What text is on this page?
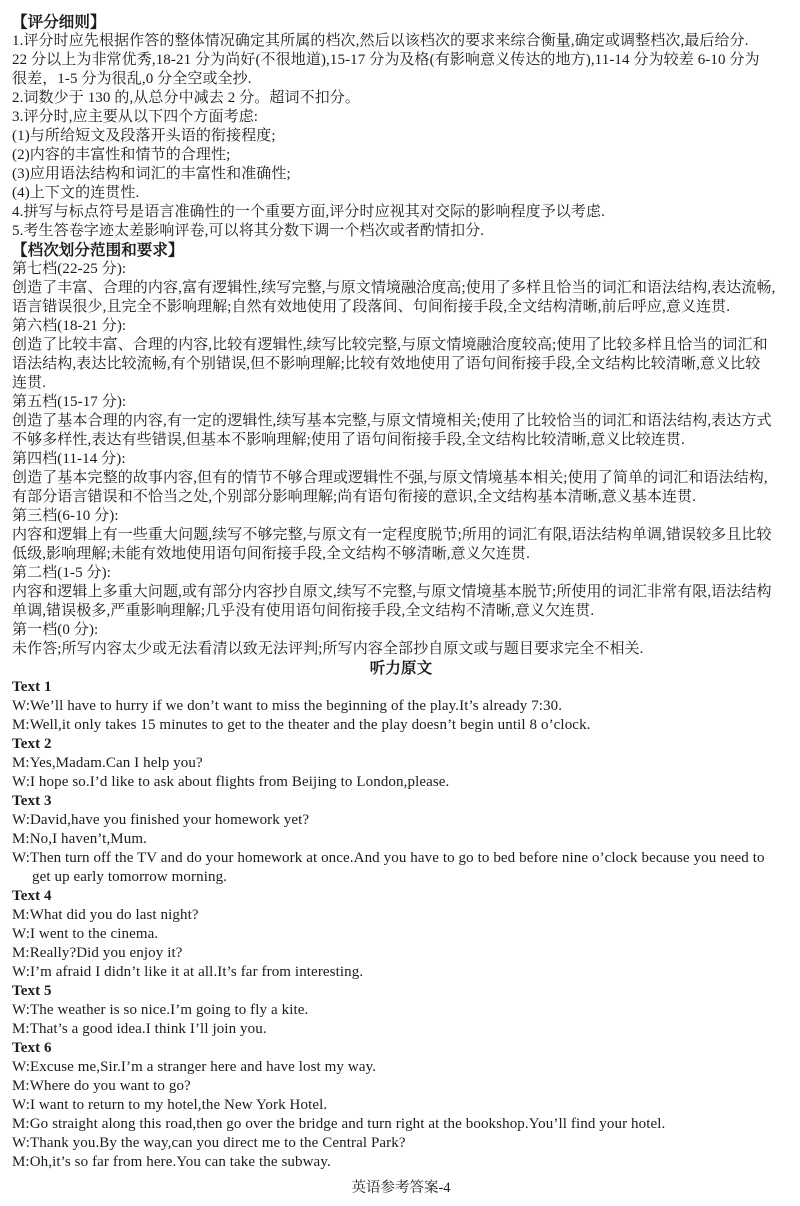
【评分细则】
1.评分时应先根据作答的整体情况确定其所属的档次,然后以该档次的要求来综合衡量,确定或调整档次,最后给分.
22 分以上为非常优秀,18-21 分为尚好(不很地道),15-17 分为及格(有影响意义传达的地方),11-14 分为较差 6-10 分为
很差，1-5 分为很乱,0 分全空或全抄.
2.词数少于 130 的,从总分中减去 2 分。超词不扣分。
3.评分时,应主要从以下四个方面考虑:
(1)与所给短文及段落开头语的衔接程度;
(2)内容的丰富性和情节的合理性;
(3)应用语法结构和词汇的丰富性和准确性;
(4)上下文的连贯性.
4.拼写与标点符号是语言准确性的一个重要方面,评分时应视其对交际的影响程度予以考虑.
5.考生答卷字迹太差影响评卷,可以将其分数下调一个档次或者酌情扣分.
【档次划分范围和要求】
第七档(22-25 分):
创造了丰富、合理的内容,富有逻辑性,续写完整,与原文情境融洽度高;使用了多样且恰当的词汇和语法结构,表达流畅,
语言错误很少,且完全不影响理解;自然有效地使用了段落间、句间衔接手段,全文结构清晰,前后呼应,意义连贯.
第六档(18-21 分):
创造了比较丰富、合理的内容,比较有逻辑性,续写比较完整,与原文情境融洽度较高;使用了比较多样且恰当的词汇和
语法结构,表达比较流畅,有个别错误,但不影响理解;比较有效地使用了语句间衔接手段,全文结构比较清晰,意义比较
连贯.
第五档(15-17 分):
创造了基本合理的内容,有一定的逻辑性,续写基本完整,与原文情境相关;使用了比较恰当的词汇和语法结构,表达方式
不够多样性,表达有些错误,但基本不影响理解;使用了语句间衔接手段,全文结构比较清晰,意义比较连贯.
第四档(11-14 分):
创造了基本完整的故事内容,但有的情节不够合理或逻辑性不强,与原文情境基本相关;使用了简单的词汇和语法结构,
有部分语言错误和不恰当之处,个别部分影响理解;尚有语句衔接的意识,全文结构基本清晰,意义基本连贯.
第三档(6-10 分):
内容和逻辑上有一些重大问题,续写不够完整,与原文有一定程度脱节;所用的词汇有限,语法结构单调,错误较多且比较
低级,影响理解;未能有效地使用语句间衔接手段,全文结构不够清晰,意义欠连贯.
第二档(1-5 分):
内容和逻辑上多重大问题,或有部分内容抄自原文,续写不完整,与原文情境基本脱节;所使用的词汇非常有限,语法结构
单调,错误极多,严重影响理解;几乎没有使用语句间衔接手段,全文结构不清晰,意义欠连贯.
第一档(0 分):
未作答;所写内容太少或无法看清以致无法评判;所写内容全部抄自原文或与题目要求完全不相关.
听力原文
Text 1
W:We’ll have to hurry if we don’t want to miss the beginning of the play.It’s already 7:30.
M:Well,it only takes 15 minutes to get to the theater and the play doesn’t begin until 8 o’clock.
Text 2
M:Yes,Madam.Can I help you?
W:I hope so.I’d like to ask about flights from Beijing to London,please.
Text 3
W:David,have you finished your homework yet?
M:No,I haven’t,Mum.
W:Then turn off the TV and do your homework at once.And you have to go to bed before nine o’clock because you need to
get up early tomorrow morning.
Text 4
M:What did you do last night?
W:I went to the cinema.
M:Really?Did you enjoy it?
W:I’m afraid I didn’t like it at all.It’s far from interesting.
Text 5
W:The weather is so nice.I’m going to fly a kite.
M:That’s a good idea.I think I’ll join you.
Text 6
W:Excuse me,Sir.I’m a stranger here and have lost my way.
M:Where do you want to go?
W:I want to return to my hotel,the New York Hotel.
M:Go straight along this road,then go over the bridge and turn right at the bookshop.You’ll find your hotel.
W:Thank you.By the way,can you direct me to the Central Park?
M:Oh,it’s so far from here.You can take the subway.
英语参考答案-4
